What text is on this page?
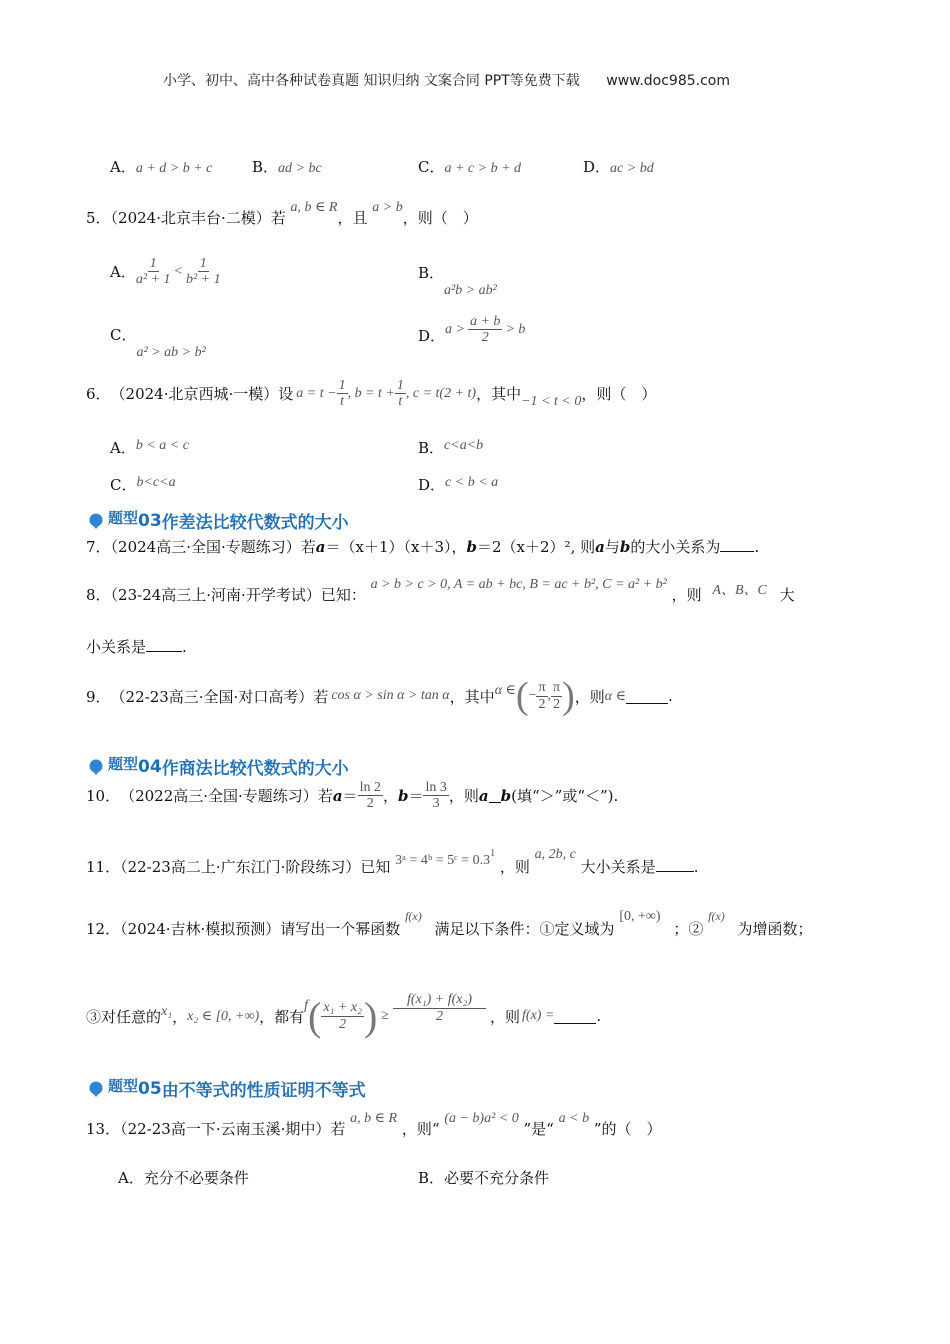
小学、初中、高中各种试卷真题 知识归纳 文案合同 PPT等免费下载 www.doc985.com
A．a + d > b + c	B．ad > bc	C．a + c > b + d	D．ac > bd
5．（2024·北京丰台·二模）若 a, b ∈ R，且 a > b，则（　）
A． $\frac{1}{\text{a² + 1}} < \frac{1}{\text{b² + 1}}$	B．a²b > ab²
C．a² > ab > b²
D． $a > \frac{a + b}{2} > b$
6． （2024·北京西城·一模）设 $a = t - \frac{1}{t}$ , $b = t + \frac{1}{t}$ , c = t(2 + t) ，其中 −1 < t < 0 ，则（　）
A．b < a < c	B．c<a<b
C．b<c<a	D．c < b < a
题型 03 作差法比较代数式的大小
7．（2024高三·全国·专题练习）若a＝（x＋1）（x＋3），b＝2（x＋2）², 则a与b的大小关系为 .
8．（23-24高三上·河南·开学考试）已知： a > b > c > 0, A = ab + bc, B = ac + b², C = a² + b² ，则 A、B、C 大
小关系是 .
9． （22-23高三·全国·对口高考）若 cos α > sin α > tan α ，其中 α ∈ ( − $\frac{\pi}{2}$ , $\frac{\pi}{2}$ ) ，则 α ∈	.
题型 04 作商法比较代数式的大小
10． （2022高三·全国·专题练习）若 $a = \frac{\ln 2}{2}$ ， $b = \frac{\ln 3}{3}$ ，则 a b (填“＞”或“＜”) .
11．（22-23高二上·广东江门·阶段练习）已知 3ᵃ = 4ᵇ = 5ᶜ = $0.3^1$ ，则 a, 2b, c 大小关系是	.
12．（2024·吉林·模拟预测）请写出一个幂函数 $^{f(x)}$ 满足以下条件：①定义域为 [0, +∞) ；② $^{f(x)}$ 为增函数；
③对任意的 x₁ ， x₂ ∈ [0, +∞) ，都有
f ( $\frac{\text{x₁ + x₂}}{2}$ ) ≥ $\frac{\text{f(x₁) + f(x₂)}}{2}$ ，则 f(x) =	.
题型 05 由不等式的性质证明不等式
13．（22-23高一下·云南玉溪·期中）若 a, b ∈ R ，则“ (a − b)a² < 0 ”是“ a < b ”的（　）
A．充分不必要条件	B．必要不充分条件
